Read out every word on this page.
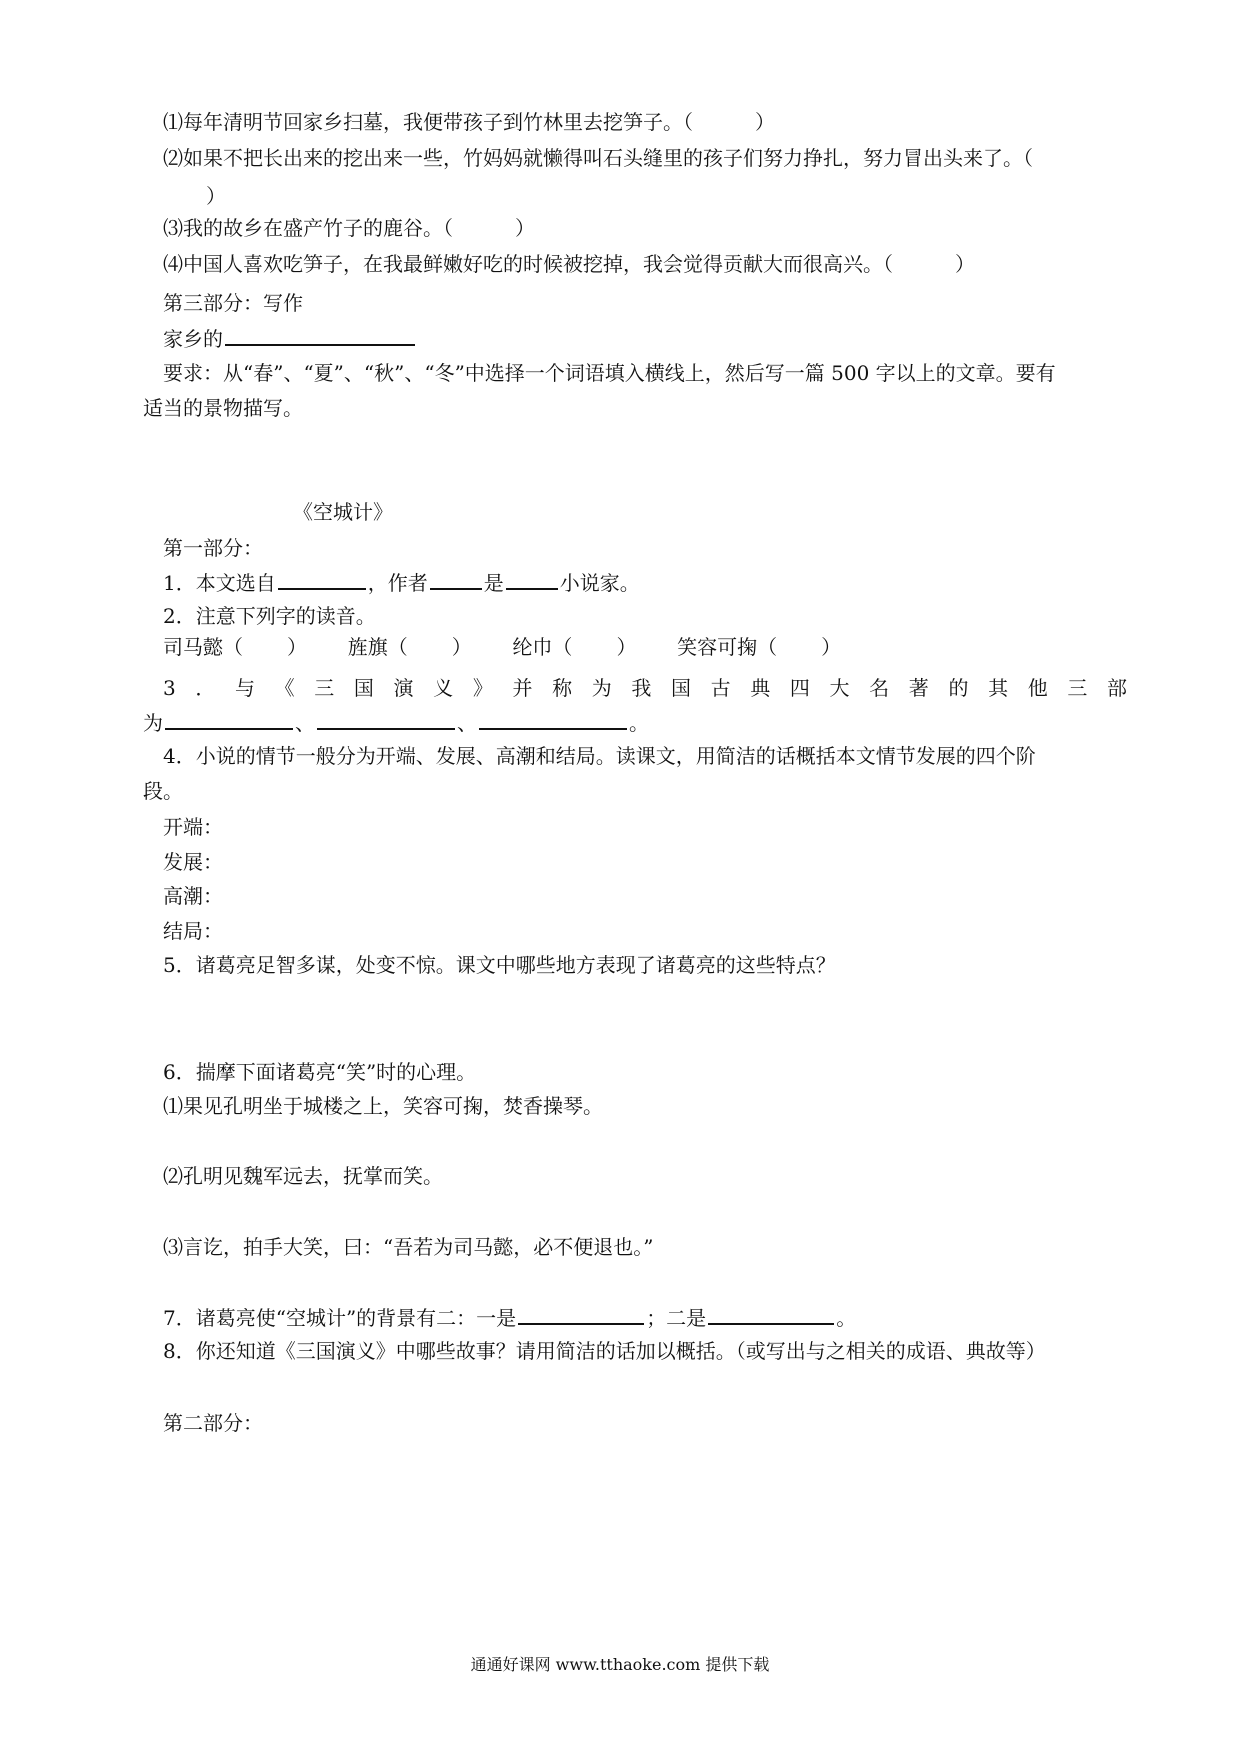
⑴每年清明节回家乡扫墓，我便带孩子到竹林里去挖笋子。（	）
⑵如果不把长出来的挖出来一些，竹妈妈就懒得叫石头缝里的孩子们努力挣扎，努力冒出头来了。（
）
⑶我的故乡在盛产竹子的鹿谷。（	）
⑷中国人喜欢吃笋子，在我最鲜嫩好吃的时候被挖掉，我会觉得贡献大而很高兴。（	）
第三部分：写作
家乡的
要求：从“春”、“夏”、“秋”、“冬”中选择一个词语填入横线上，然后写一篇 500 字以上的文章。要有
适当的景物描写。
《空城计》
第一部分：
1．本文选自	，作者	是	小说家。
2．注意下列字的读音。
司马懿（ ） 旌旗（ ） 纶巾（ ） 笑容可掬（ ）
3．与《三国演义》并称为我国古典四大名著的其他三部
为	、	、	。
4．小说的情节一般分为开端、发展、高潮和结局。读课文，用简洁的话概括本文情节发展的四个阶
段。
开端：
发展：
高潮：
结局：
5．诸葛亮足智多谋，处变不惊。课文中哪些地方表现了诸葛亮的这些特点？
6．揣摩下面诸葛亮“笑”时的心理。
⑴果见孔明坐于城楼之上，笑容可掬，焚香操琴。
⑵孔明见魏军远去，抚掌而笑。
⑶言讫，拍手大笑，曰：“吾若为司马懿，必不便退也。”
7．诸葛亮使“空城计”的背景有二：一是	；二是	。
8．你还知道《三国演义》中哪些故事？请用简洁的话加以概括。（或写出与之相关的成语、典故等）
第二部分：
通通好课网 www.tthaoke.com 提供下载
